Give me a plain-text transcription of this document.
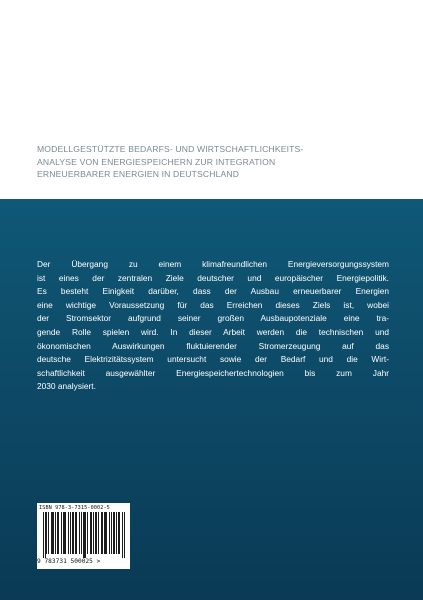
MODELLGESTÜTZTE BEDARFS- UND WIRTSCHAFTLICHKEITS-
ANALYSE VON ENERGIESPEICHERN ZUR INTEGRATION
ERNEUERBARER ENERGIEN IN DEUTSCHLAND

Der Übergang zu einem klimafreundlichen Energieversorgungssystem
ist eines der zentralen Ziele deutscher und europäischer Energiepolitik.
Es besteht Einigkeit darüber, dass der Ausbau erneuerbarer Energien
eine wichtige Voraussetzung für das Erreichen dieses Ziels ist, wobei
der Stromsektor aufgrund seiner großen Ausbaupotenziale eine tra-
gende Rolle spielen wird. In dieser Arbeit werden die technischen und
ökonomischen Auswirkungen fluktuierender Stromerzeugung auf das
deutsche Elektrizitätssystem untersucht sowie der Bedarf und die Wirt-
schaftlichkeit ausgewählter Energiespeichertechnologien bis zum Jahr
2030 analysiert.

ISBN 978-3-7315-0002-5
9 783731 500025 >
